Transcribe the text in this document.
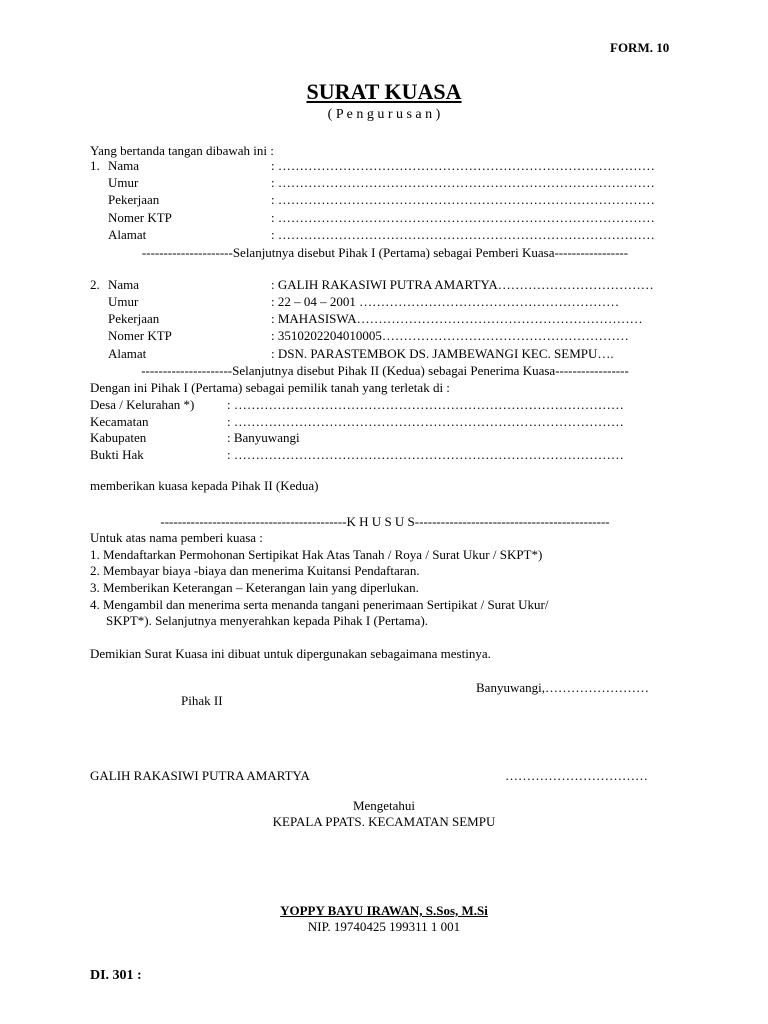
FORM. 10
SURAT KUASA
( P e n g u r u s a n )
Yang bertanda tangan dibawah ini :
1. Nama	: ……………………………………………………………………………
Umur	: ……………………………………………………………………………
Pekerjaan	: ……………………………………………………………………………
Nomer KTP	: ……………………………………………………………………………
Alamat	: ……………………………………………………………………………
---------------------Selanjutnya disebut Pihak I (Pertama) sebagai Pemberi Kuasa-----------------
2. Nama	: GALIH RAKASIWI PUTRA AMARTYA………………………………
Umur	: 22 – 04 – 2001 ……………………………………………………
Pekerjaan	: MAHASISWA…………………………………………………………
Nomer KTP	: 3510202204010005…………………………………………………
Alamat	: DSN. PARASTEMBOK DS. JAMBEWANGI KEC. SEMPU….
---------------------Selanjutnya disebut Pihak II (Kedua) sebagai Penerima Kuasa-----------------
Dengan ini Pihak I (Pertama) sebagai pemilik tanah yang terletak di :
Desa / Kelurahan *)	: ………………………………………………………………………………
Kecamatan	: ………………………………………………………………………………
Kabupaten	: Banyuwangi
Bukti Hak	: ………………………………………………………………………………
memberikan kuasa kepada Pihak II (Kedua)
-------------------------------------------K H U S U S---------------------------------------------
Untuk atas nama pemberi kuasa :
1. Mendaftarkan Permohonan Sertipikat Hak Atas Tanah / Roya / Surat Ukur / SKPT*)
2. Membayar biaya -biaya dan menerima Kuitansi Pendaftaran.
3. Memberikan Keterangan – Keterangan lain yang diperlukan.
4. Mengambil dan menerima serta menanda tangani penerimaan Sertipikat / Surat Ukur/
SKPT*). Selanjutnya menyerahkan kepada Pihak I (Pertama).
Demikian Surat Kuasa ini dibuat untuk dipergunakan sebagaimana mestinya.
Banyuwangi,……………………
Pihak II
GALIH RAKASIWI PUTRA AMARTYA	……………………………
Mengetahui
KEPALA PPATS. KECAMATAN SEMPU
YOPPY BAYU IRAWAN, S.Sos, M.Si
NIP. 19740425 199311 1 001
DI. 301 :
